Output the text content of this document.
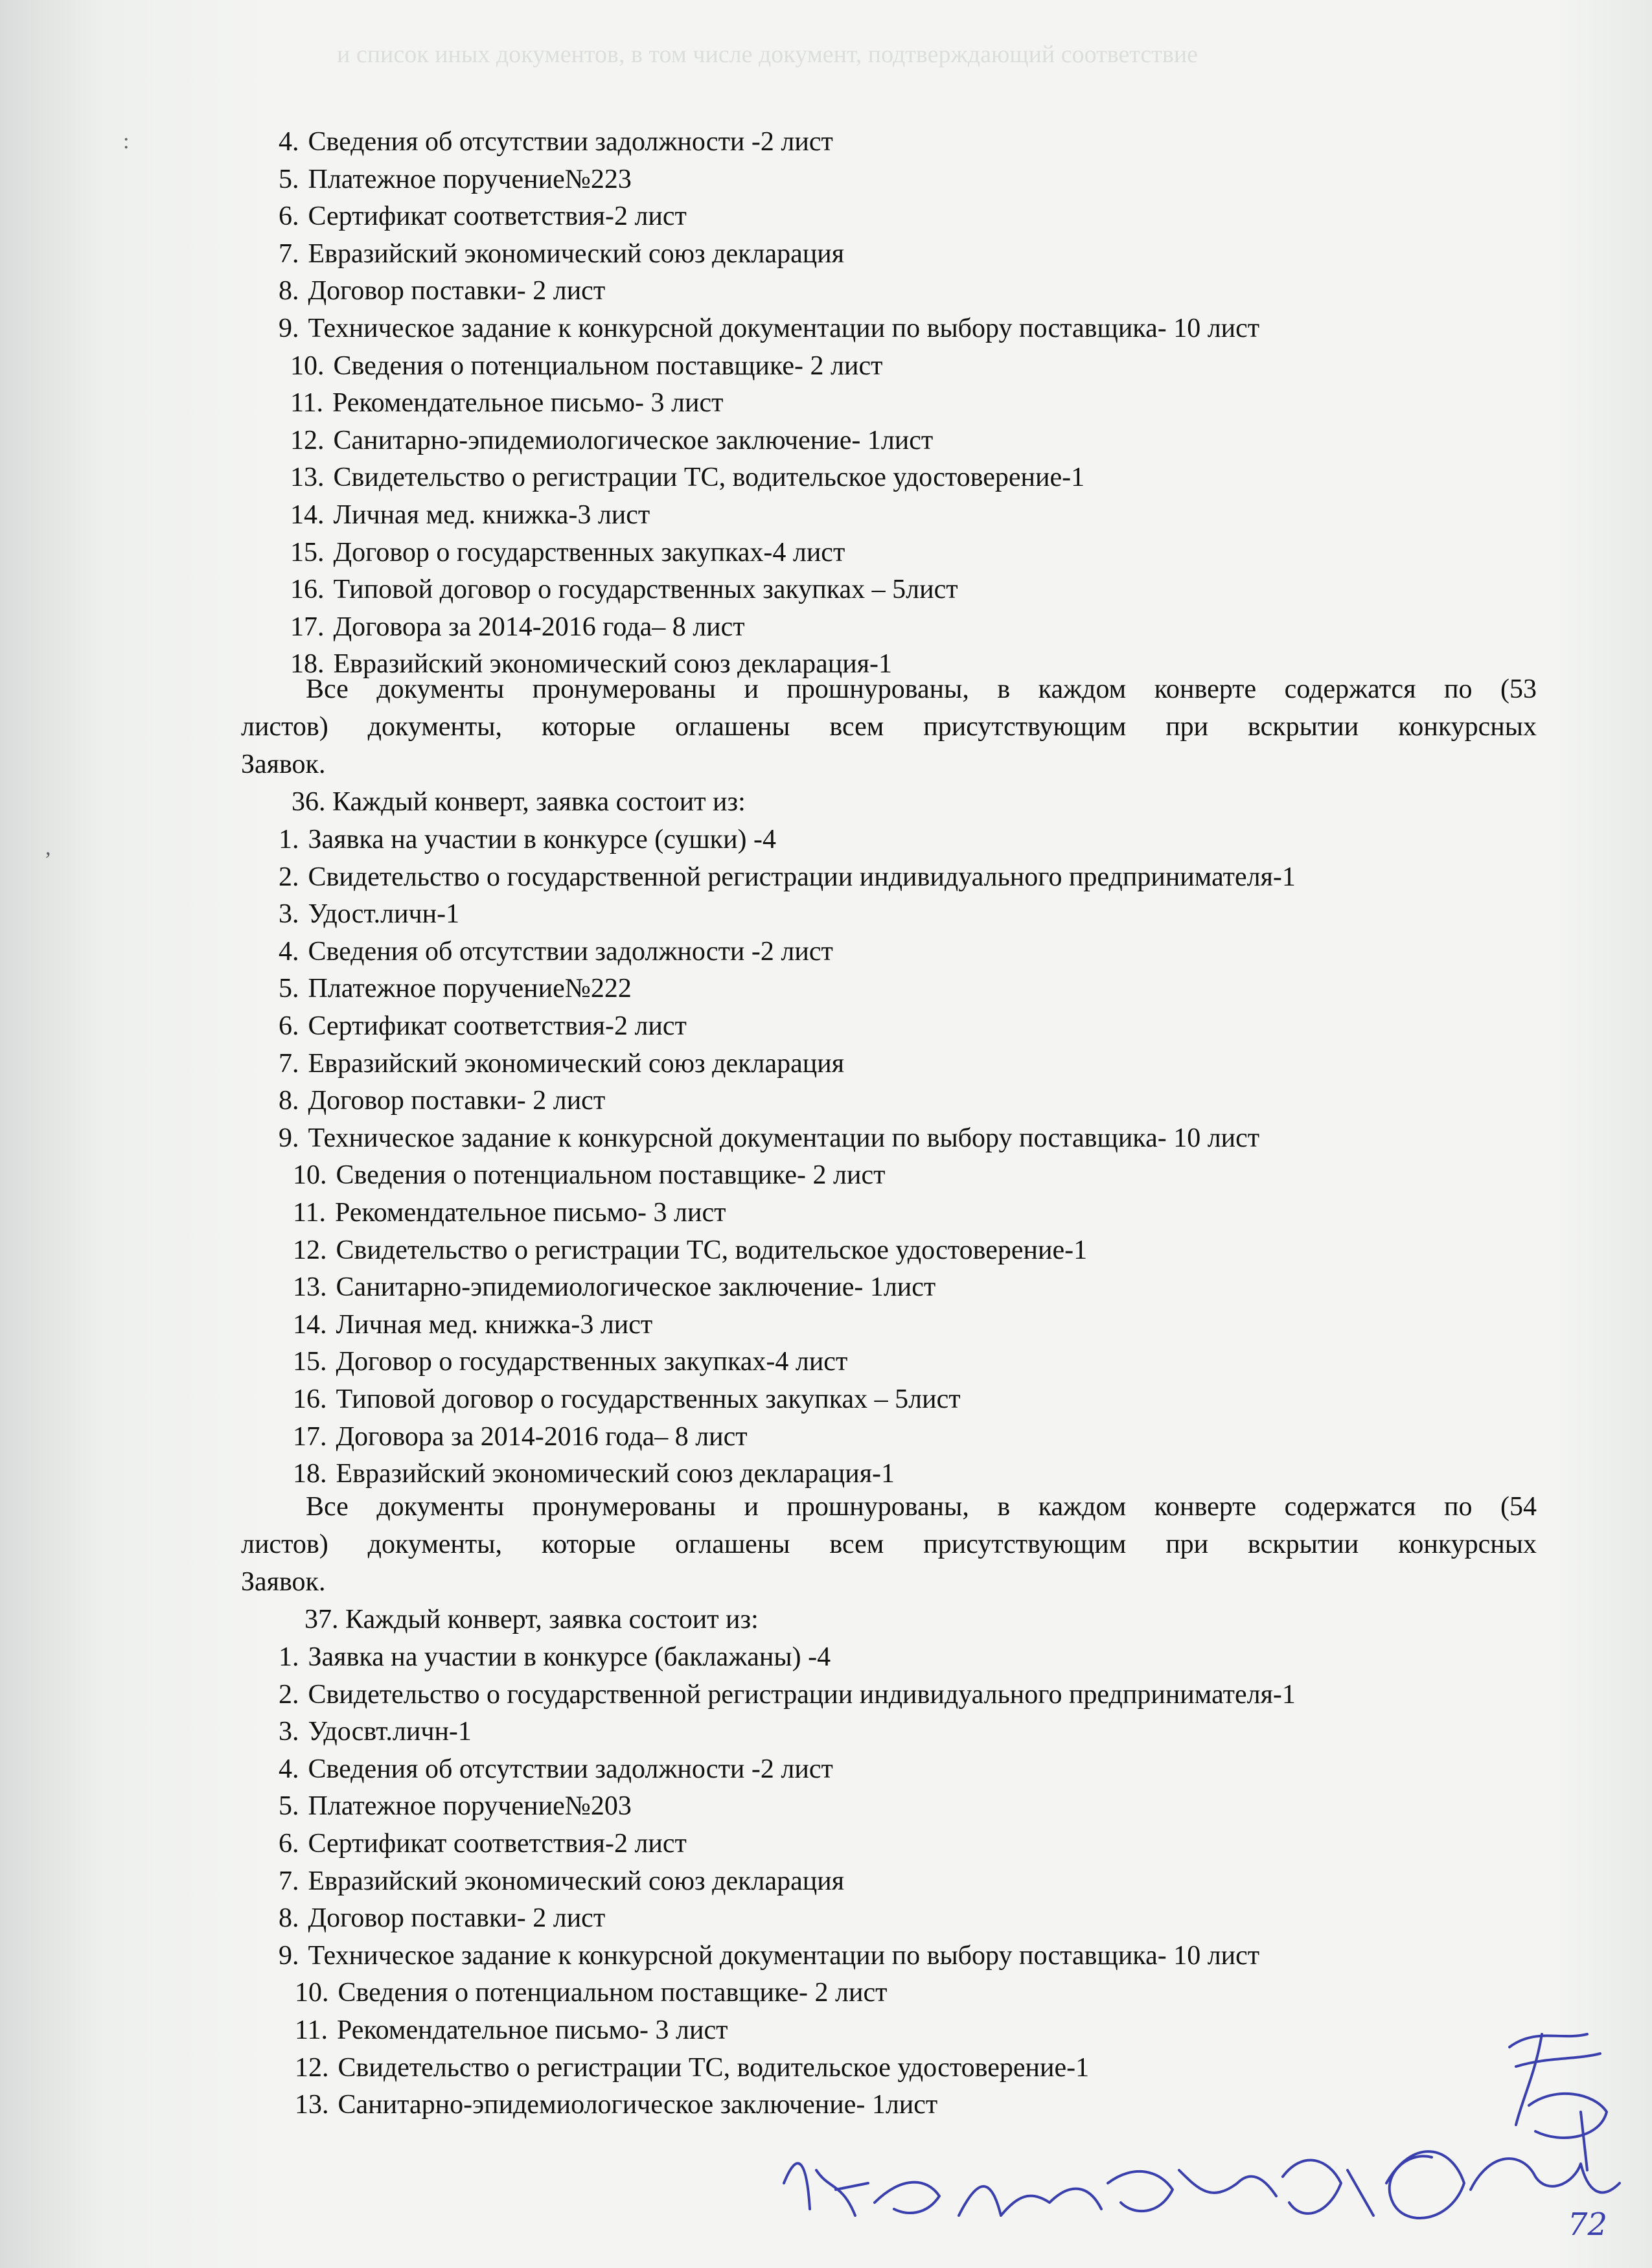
и список иных документов, в том числе документ, подтверждающий соответствие

4. Сведения об отсутствии задолжности -2 лист
5. Платежное поручение№223
6. Сертификат соответствия-2 лист
7. Евразийский экономический союз декларация
8. Договор поставки- 2 лист
9. Техническое задание к конкурсной документации по выбору поставщика- 10 лист
10. Сведения о потенциальном поставщике- 2 лист
11. Рекомендательное письмо- 3 лист
12. Санитарно-эпидемиологическое заключение- 1лист
13. Свидетельство о регистрации ТС, водительское удостоверение-1
14. Личная мед. книжка-3 лист
15. Договор о государственных закупках-4 лист
16. Типовой договор о государственных закупках – 5лист
17. Договора за 2014-2016 года– 8 лист
18. Евразийский экономический союз декларация-1
Все документы пронумерованы и прошнурованы, в каждом конверте содержатся по (53
листов) документы, которые оглашены всем присутствующим при вскрытии конкурсных
Заявок.
36. Каждый конверт, заявка состоит из:
1. Заявка на участии в конкурсе (сушки) -4
2. Свидетельство о государственной регистрации индивидуального предпринимателя-1
3. Удост.личн-1
4. Сведения об отсутствии задолжности -2 лист
5. Платежное поручение№222
6. Сертификат соответствия-2 лист
7. Евразийский экономический союз декларация
8. Договор поставки- 2 лист
9. Техническое задание к конкурсной документации по выбору поставщика- 10 лист
10. Сведения о потенциальном поставщике- 2 лист
11. Рекомендательное письмо- 3 лист
12. Свидетельство о регистрации ТС, водительское удостоверение-1
13. Санитарно-эпидемиологическое заключение- 1лист
14. Личная мед. книжка-3 лист
15. Договор о государственных закупках-4 лист
16. Типовой договор о государственных закупках – 5лист
17. Договора за 2014-2016 года– 8 лист
18. Евразийский экономический союз декларация-1
Все документы пронумерованы и прошнурованы, в каждом конверте содержатся по (54
листов) документы, которые оглашены всем присутствующим при вскрытии конкурсных
Заявок.
37. Каждый конверт, заявка состоит из:
1. Заявка на участии в конкурсе (баклажаны) -4
2. Свидетельство о государственной регистрации индивидуального предпринимателя-1
3. Удосвт.личн-1
4. Сведения об отсутствии задолжности -2 лист
5. Платежное поручение№203
6. Сертификат соответствия-2 лист
7. Евразийский экономический союз декларация
8. Договор поставки- 2 лист
9. Техническое задание к конкурсной документации по выбору поставщика- 10 лист
10. Сведения о потенциальном поставщике- 2 лист
11. Рекомендательное письмо- 3 лист
12. Свидетельство о регистрации ТС, водительское удостоверение-1
13. Санитарно-эпидемиологическое заключение- 1лист
:
,
72
